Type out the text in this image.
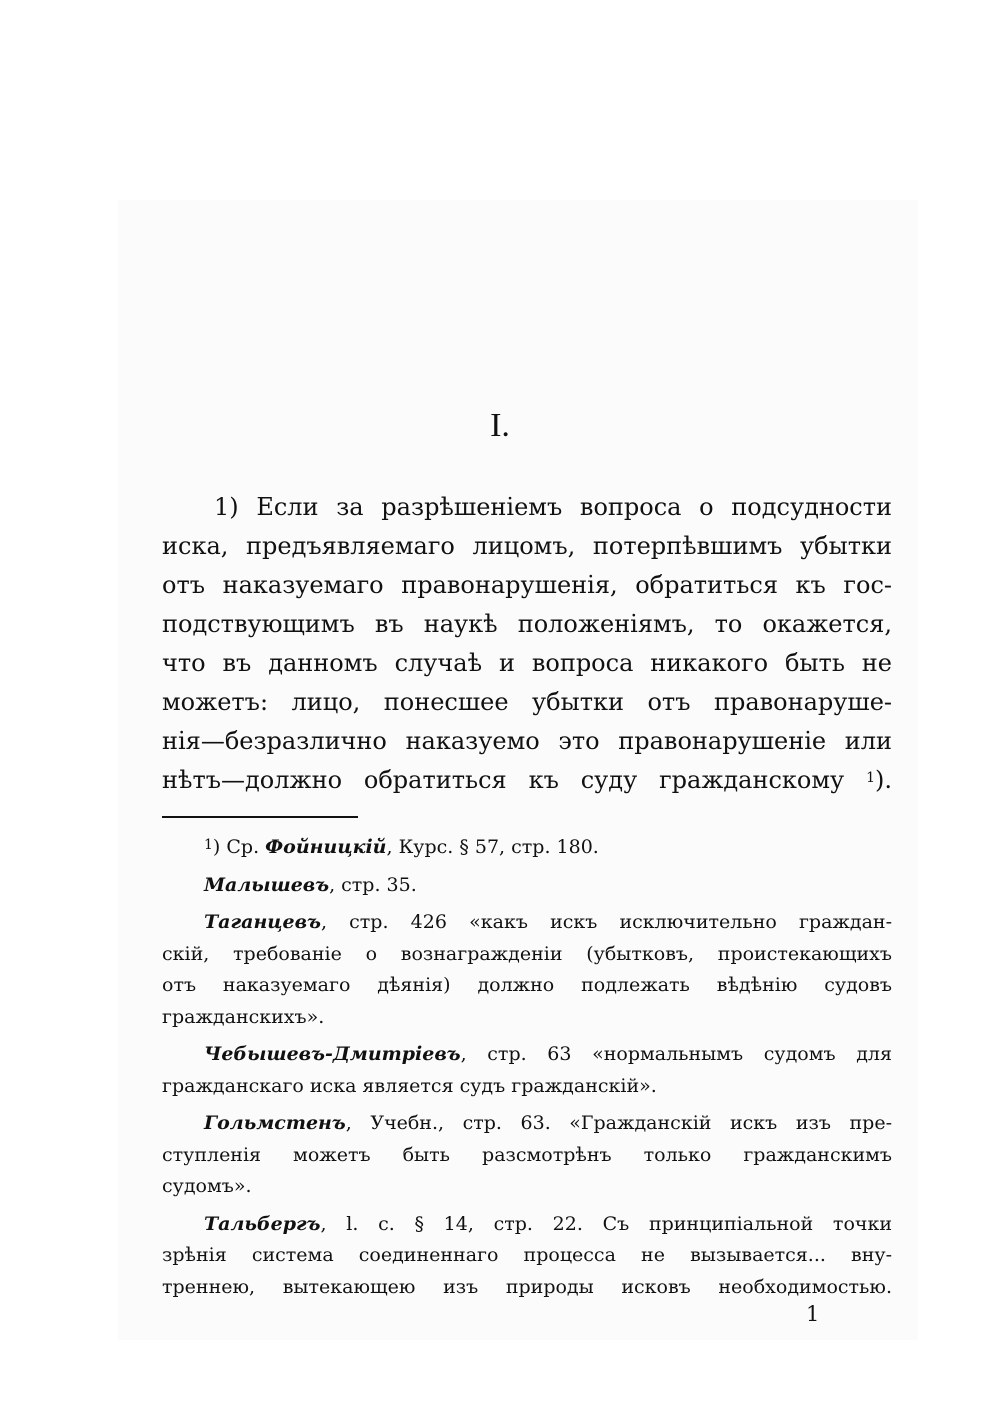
I.
1) Если за разрѣшеніемъ вопроса о подсудности
иска, предъявляемаго лицомъ, потерпѣвшимъ убытки
отъ наказуемаго правонарушенія, обратиться къ гос-
подствующимъ въ наукѣ положеніямъ, то окажется,
что въ данномъ случаѣ и вопроса никакого быть не
можетъ: лицо, понесшее убытки отъ правонаруше-
нія—безразлично наказуемо это правонарушеніе или
нѣтъ—должно обратиться къ суду гражданскому $^1$).
$^1$) Ср. Фойницкій, Курс. § 57, стр. 180.
Малышевъ, стр. 35.
Таганцевъ, стр. 426 «какъ искъ исключительно граждан-
скій, требованіе о вознагражденіи (убытковъ, проистекающихъ
отъ наказуемаго дѣянія) должно подлежать вѣдѣнію судовъ
гражданскихъ».
Чебышевъ-Дмитріевъ, стр. 63 «нормальнымъ судомъ для
гражданскаго иска является судъ гражданскій».
Гольмстенъ, Учебн., стр. 63. «Гражданскій искъ изъ пре-
ступленія можетъ быть разсмотрѣнъ только гражданскимъ
судомъ».
Тальбергъ, l. c. § 14, стр. 22. Съ принципіальной точки
зрѣнія система соединеннаго процесса не вызывается... вну-
треннею, вытекающею изъ природы исковъ необходимостью.
1
